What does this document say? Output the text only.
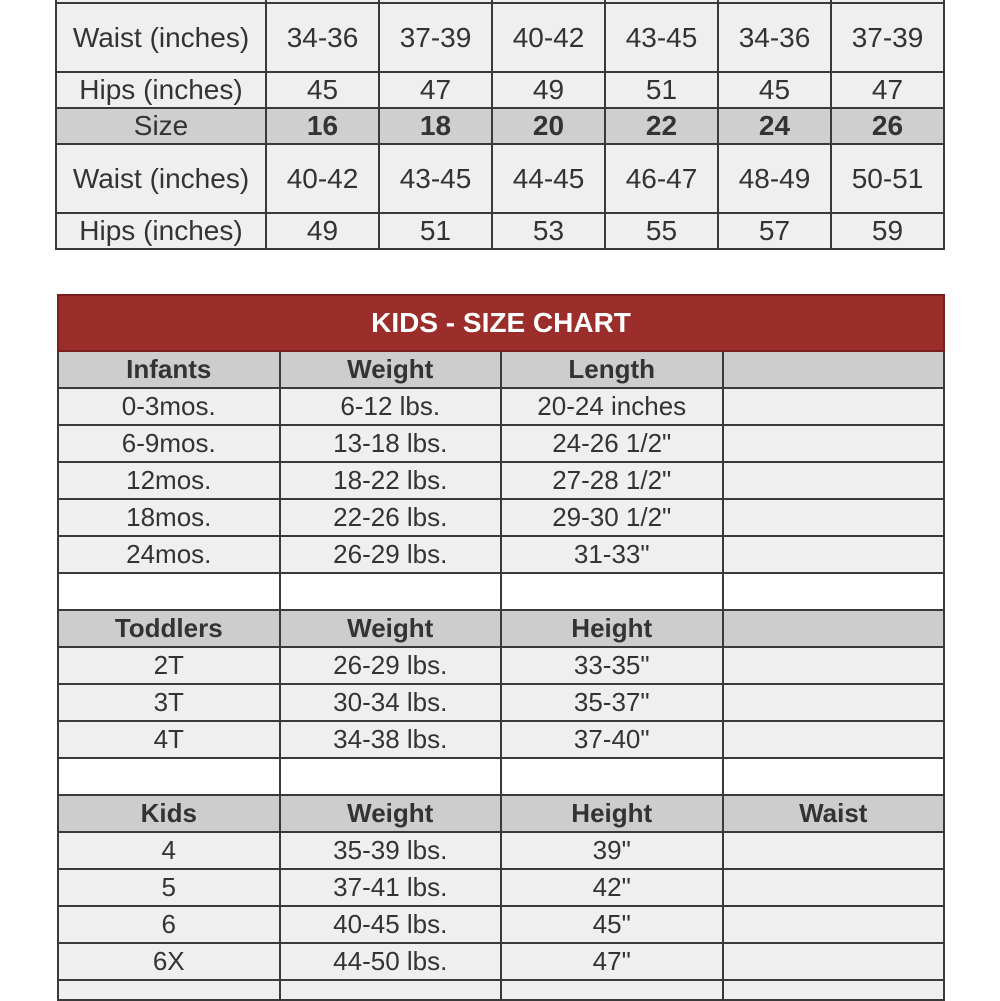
Waist (inches)	34-36	37-39	40-42	43-45	34-36	37-39
Hips (inches)	45	47	49	51	45	47
Size	16	18	20	22	24	26
Waist (inches)	40-42	43-45	44-45	46-47	48-49	50-51
Hips (inches)	49	51	53	55	57	59
KIDS - SIZE CHART			
Infants	Weight	Length	
0-3mos.	6-12 lbs.	20-24 inches	
6-9mos.	13-18 lbs.	24-26 1/2"	
12mos.	18-22 lbs.	27-28 1/2"	
18mos.	22-26 lbs.	29-30 1/2"	
24mos.	26-29 lbs.	31-33"	

Toddlers	Weight	Height	
2T	26-29 lbs.	33-35"	
3T	30-34 lbs.	35-37"	
4T	34-38 lbs.	37-40"	

Kids	Weight	Height	Waist
4	35-39 lbs.	39"	
5	37-41 lbs.	42"	
6	40-45 lbs.	45"	
6X	44-50 lbs.	47"	
